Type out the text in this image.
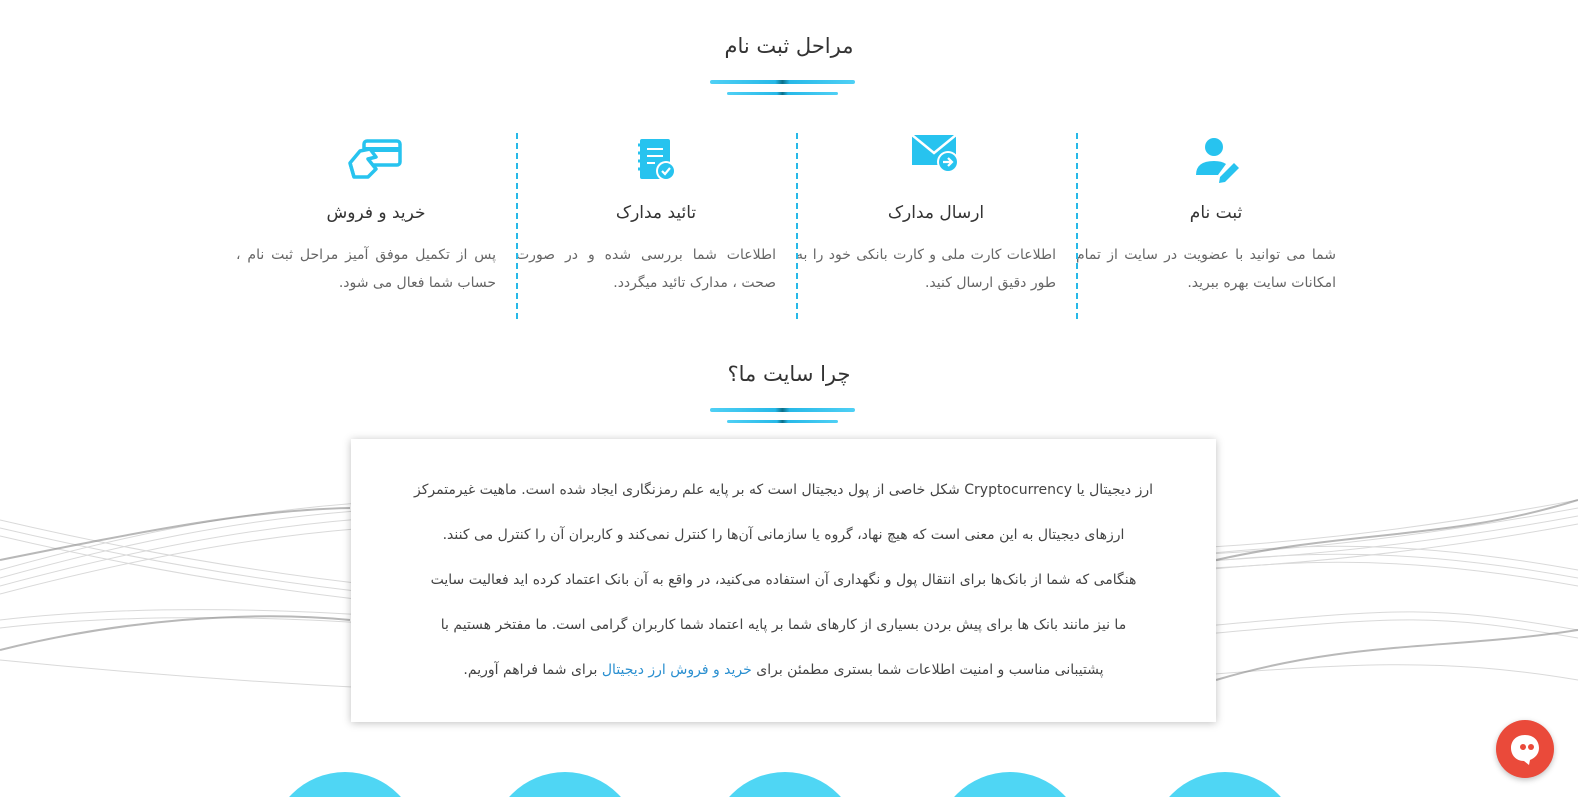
مراحل ثبت نام
ثبت نام

شما می توانید با عضویت در سایت از تمام امکانات سایت بهره ببرید.

ارسال مدارک

اطلاعات کارت ملی و کارت بانکی خود را به طور دقیق ارسال کنید.

تائید مدارک

اطلاعات شما بررسی شده و در صورت صحت ، مدارک تائید میگردد.

خرید و فروش

پس از تکمیل موفق آمیز مراحل ثبت نام ، حساب شما فعال می شود.

چرا سایت ما؟
ارز دیجیتال یا Cryptocurrency شکل خاصی از پول دیجیتال است که بر پایه علم رمزنگاری ایجاد شده است. ماهیت غیرمتمرکز
ارزهای دیجیتال به این معنی است که هیچ نهاد، گروه یا سازمانی آن‌ها را کنترل نمی‌کند و کاربران آن را کنترل می کنند.
هنگامی که شما از بانک‌ها برای انتقال پول و نگهداری آن استفاده می‌کنید، در واقع به آن بانک اعتماد کرده اید فعالیت سایت
ما نیز مانند بانک ها برای پیش بردن بسیاری از کارهای شما بر پایه اعتماد شما کاربران گرامی است. ما مفتخر هستیم با
پشتیبانی مناسب و امنیت اطلاعات شما بستری مطمئن برای خرید و فروش ارز دیجیتال برای شما فراهم آوریم.
